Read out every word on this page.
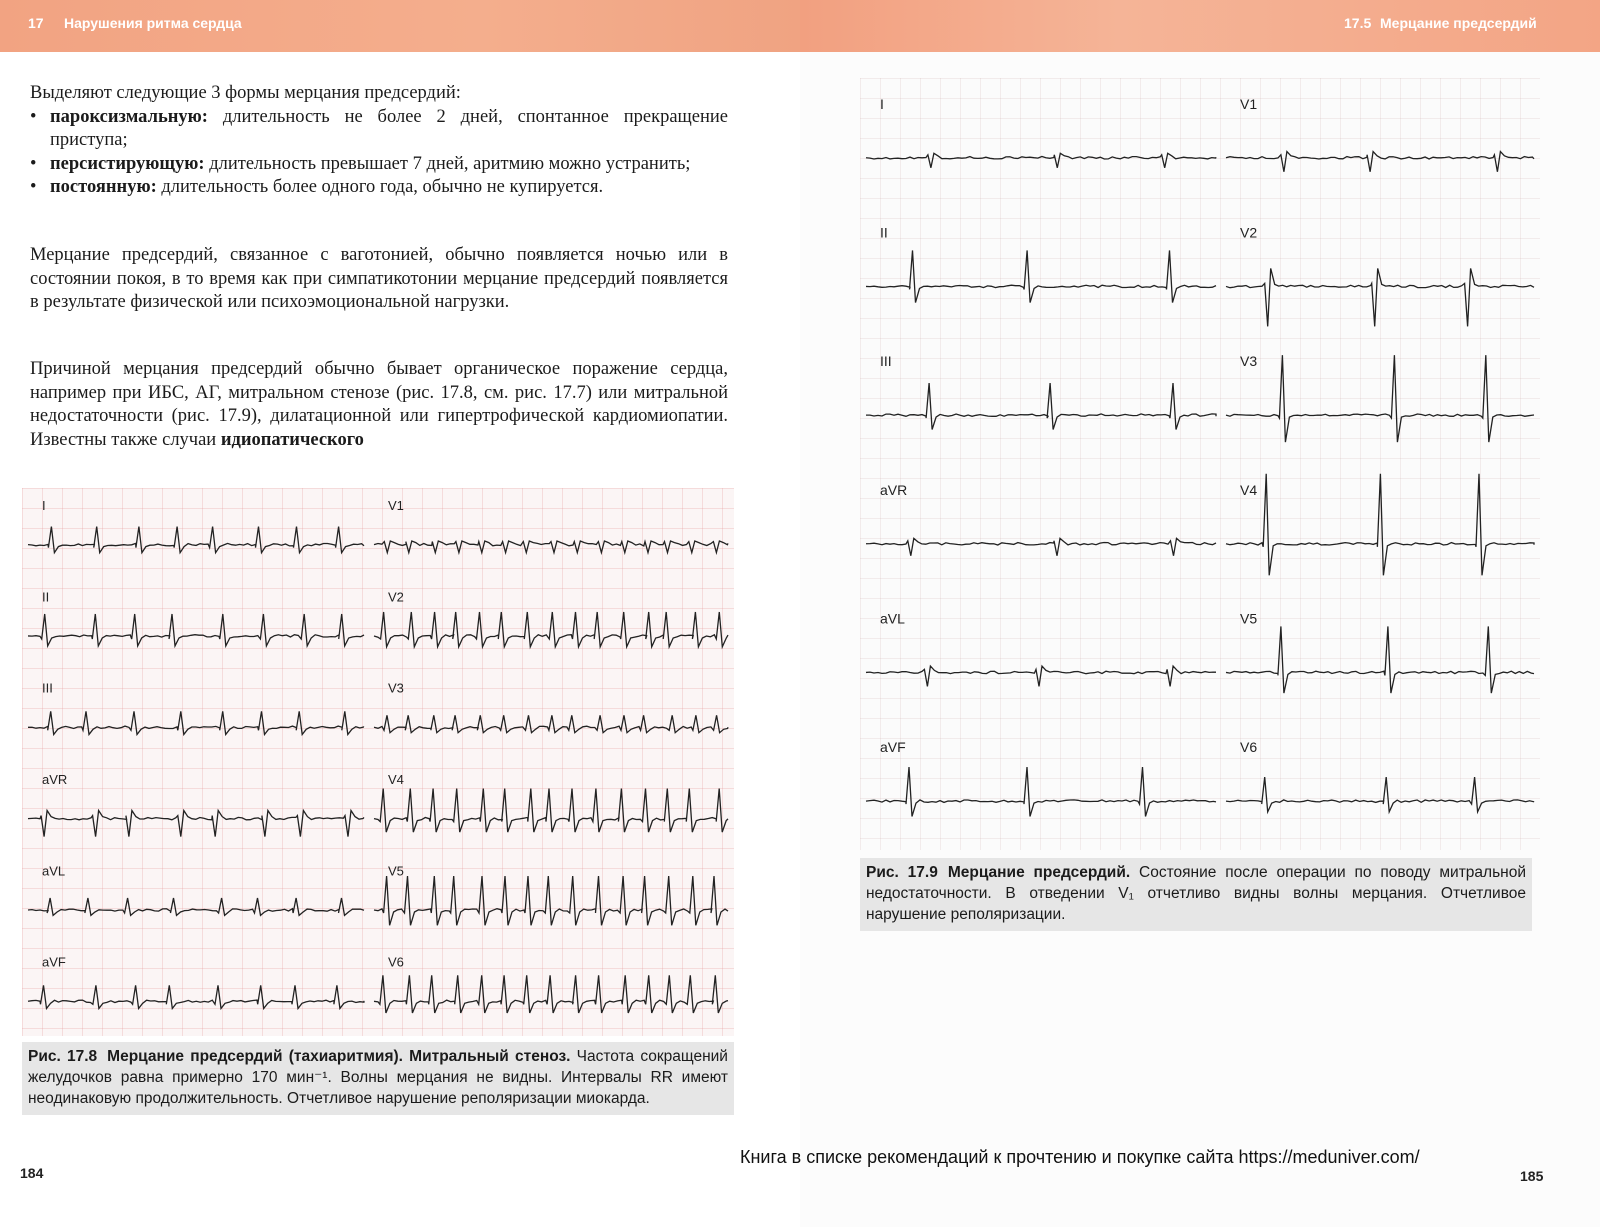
17 Нарушения ритма сердца

Выделяют следующие 3 формы мерцания предсердий:

• пароксизмальную: длительность не более 2 дней, спонтанное прекращение приступа;
• персистирующую: длительность превышает 7 дней, аритмию можно устранить;
• постоянную: длительность более одного года, обычно не купируется.

Мерцание предсердий, связанное с ваготонией, обычно появляется ночью или в состоянии покоя, в то время как при симпатикотонии мерцание предсердий появляется в результате физической или психоэмоциональной нагрузки.

Причиной мерцания предсердий обычно бывает органическое поражение сердца, например при ИБС, АГ, митральном стенозе (рис. 17.8, см. рис. 17.7) или митральной недостаточности (рис. 17.9), дилатационной или гипертрофической кардиомиопатии. Известны также случаи идиопатического

I	V1
II	V2
III	V3
aVR	V4
aVL	V5
aVF	V6
Рис. 17.8 Мерцание предсердий (тахиаритмия). Митральный стеноз. Частота сокращений желудочков равна примерно 170 мин⁻¹. Волны мерцания не видны. Интервалы RR имеют неодинаковую продолжительность. Отчетливое нарушение реполяризации миокарда.
184
17.5 Мерцание предсердий
I	V1
II	V2
III	V3
aVR	V4
aVL	V5
aVF	V6
Рис. 17.9 Мерцание предсердий. Состояние после операции по поводу митральной недостаточности. В отведении V₁ отчетливо видны волны мерцания. Отчетливое нарушение реполяризации.
185
Книга в списке рекомендаций к прочтению и покупке сайта https://meduniver.com/
